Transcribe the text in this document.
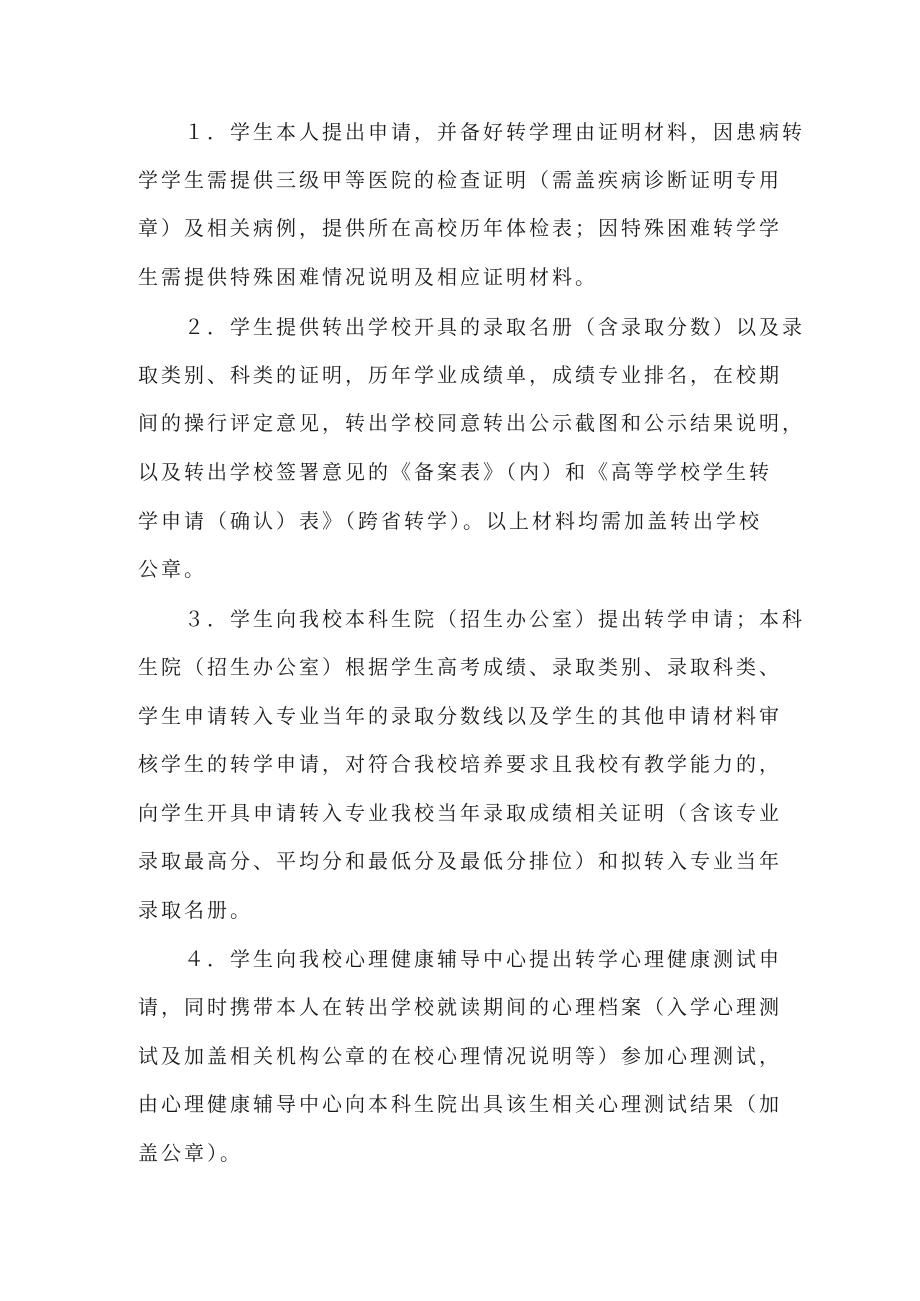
１．学生本人提出申请，并备好转学理由证明材料，因患病转
学学生需提供三级甲等医院的检查证明（需盖疾病诊断证明专用
章）及相关病例，提供所在高校历年体检表；因特殊困难转学学
生需提供特殊困难情况说明及相应证明材料。
２．学生提供转出学校开具的录取名册（含录取分数）以及录
取类别、科类的证明，历年学业成绩单，成绩专业排名，在校期
间的操行评定意见，转出学校同意转出公示截图和公示结果说明，
以及转出学校签署意见的《备案表》（内）和《高等学校学生转
学申请（确认）表》（跨省转学）。以上材料均需加盖转出学校
公章。
３．学生向我校本科生院（招生办公室）提出转学申请；本科
生院（招生办公室）根据学生高考成绩、录取类别、录取科类、
学生申请转入专业当年的录取分数线以及学生的其他申请材料审
核学生的转学申请，对符合我校培养要求且我校有教学能力的，
向学生开具申请转入专业我校当年录取成绩相关证明（含该专业
录取最高分、平均分和最低分及最低分排位）和拟转入专业当年
录取名册。
４．学生向我校心理健康辅导中心提出转学心理健康测试申
请，同时携带本人在转出学校就读期间的心理档案（入学心理测
试及加盖相关机构公章的在校心理情况说明等）参加心理测试，
由心理健康辅导中心向本科生院出具该生相关心理测试结果（加
盖公章）。
